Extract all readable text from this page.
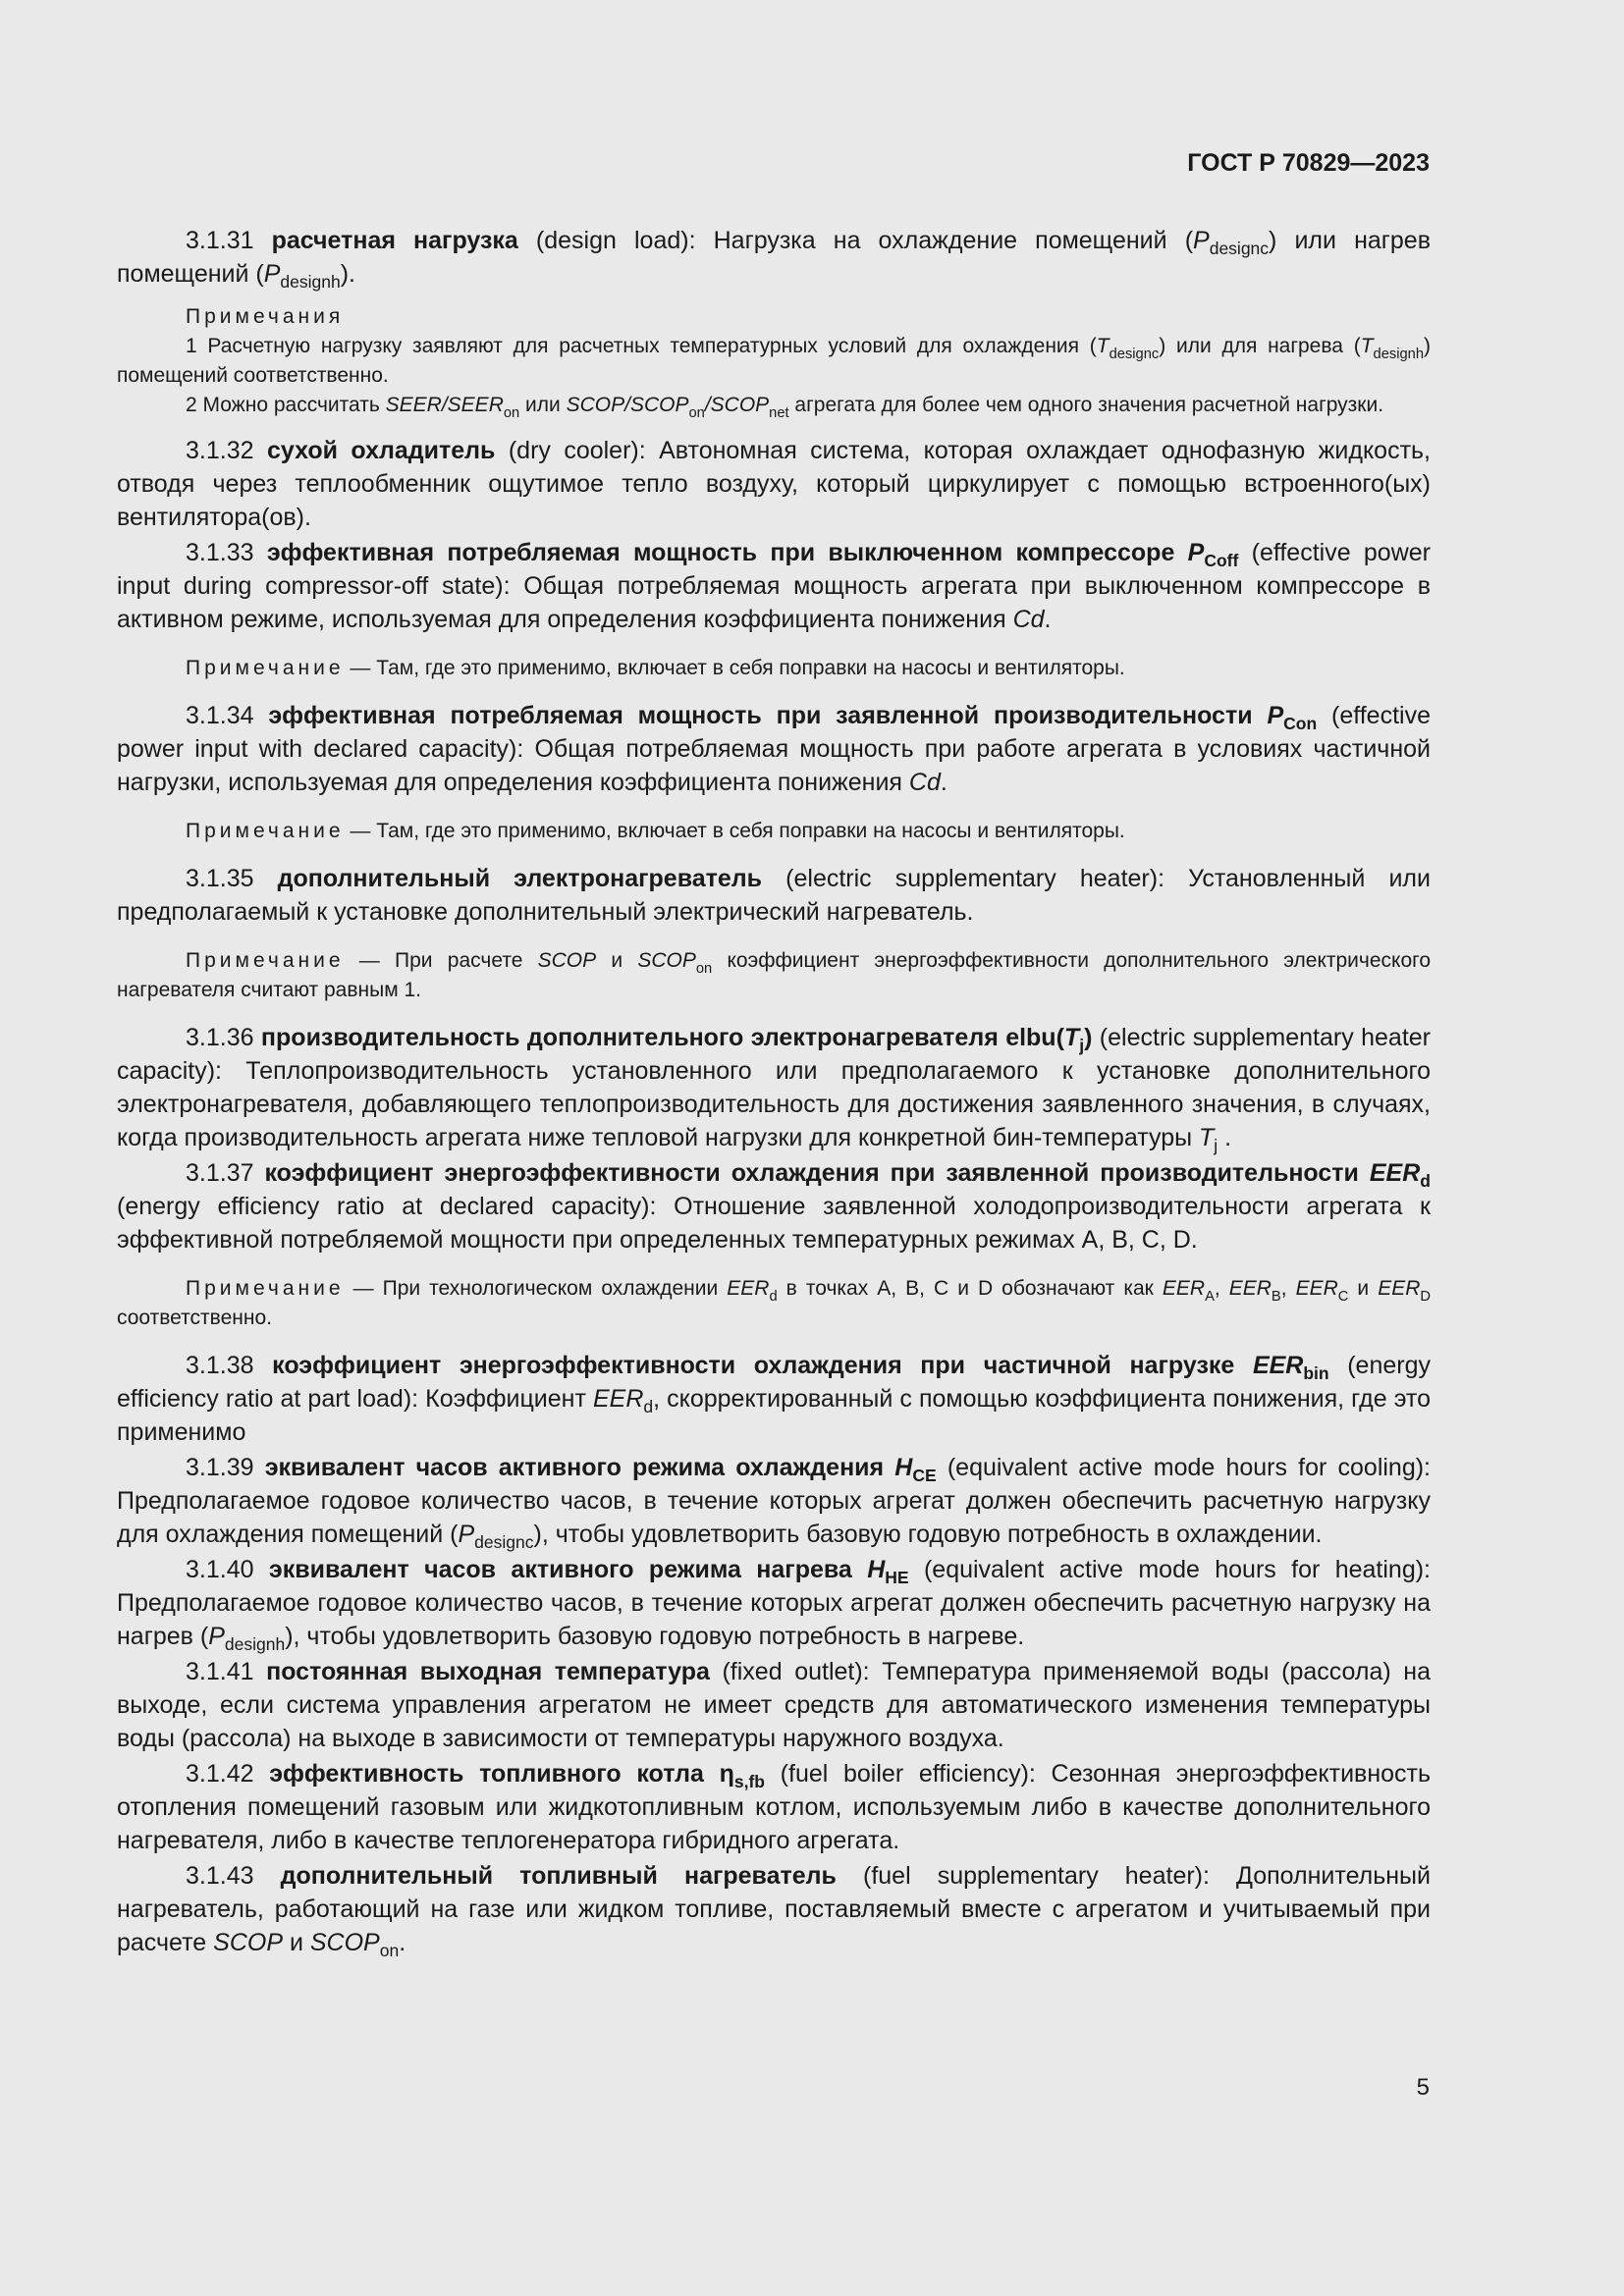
ГОСТ Р 70829—2023

3.1.31 расчетная нагрузка (design load): Нагрузка на охлаждение помещений $(P_{designc})$ или нагрев помещений $(P_{designh})$.

Примечания

1 Расчетную нагрузку заявляют для расчетных температурных условий для охлаждения $(T_{designc})$ или для нагрева $(T_{designh})$ помещений соответственно.

2 Можно рассчитать SEER/$SEER_{on}$ или SCOP/$SCOP_{on}/SCOP_{net}$ агрегата для более чем одного значения расчетной нагрузки.

3.1.32 сухой охладитель (dry cooler): Автономная система, которая охлаждает однофазную жидкость, отводя через теплообменник ощутимое тепло воздуху, который циркулирует с помощью встроенного(ых) вентилятора(ов).

3.1.33 эффективная потребляемая мощность при выключенном компрессоре $P_{Coff}$ (effective power input during compressor-off state): Общая потребляемая мощность агрегата при выключенном компрессоре в активном режиме, используемая для определения коэффициента понижения Cd.

Примечание — Там, где это применимо, включает в себя поправки на насосы и вентиляторы.

3.1.34 эффективная потребляемая мощность при заявленной производительности $P_{Con}$ (effective power input with declared capacity): Общая потребляемая мощность при работе агрегата в условиях частичной нагрузки, используемая для определения коэффициента понижения Cd.

Примечание — Там, где это применимо, включает в себя поправки на насосы и вентиляторы.

3.1.35 дополнительный электронагреватель (electric supplementary heater): Установленный или предполагаемый к установке дополнительный электрический нагреватель.

Примечание — При расчете SCOP и $SCOP_{on}$ коэффициент энергоэффективности дополнительного электрического нагревателя считают равным 1.

3.1.36 производительность дополнительного электронагревателя $elbu(T_j)$ (electric supplementary heater capacity): Теплопроизводительность установленного или предполагаемого к установке дополнительного электронагревателя, добавляющего теплопроизводительность для достижения заявленного значения, в случаях, когда производительность агрегата ниже тепловой нагрузки для конкретной бин-температуры $T_j$ .

3.1.37 коэффициент энергоэффективности охлаждения при заявленной производительности $EER_d$ (energy efficiency ratio at declared capacity): Отношение заявленной холодопроизводительности агрегата к эффективной потребляемой мощности при определенных температурных режимах А, В, С, D.

Примечание — При технологическом охлаждении $EER_d$ в точках А, В, С и D обозначают как $EER_A$, $EER_B$, $EER_C$ и $EER_D$ соответственно.

3.1.38 коэффициент энергоэффективности охлаждения при частичной нагрузке $EER_{bin}$ (energy efficiency ratio at part load): Коэффициент $EER_d$, скорректированный с помощью коэффициента понижения, где это применимо

3.1.39 эквивалент часов активного режима охлаждения $H_{CE}$ (equivalent active mode hours for cooling): Предполагаемое годовое количество часов, в течение которых агрегат должен обеспечить расчетную нагрузку для охлаждения помещений $(P_{designc})$, чтобы удовлетворить базовую годовую потребность в охлаждении.

3.1.40 эквивалент часов активного режима нагрева $H_{HE}$ (equivalent active mode hours for heating): Предполагаемое годовое количество часов, в течение которых агрегат должен обеспечить расчетную нагрузку на нагрев $(P_{designh})$, чтобы удовлетворить базовую годовую потребность в нагреве.

3.1.41 постоянная выходная температура (fixed outlet): Температура применяемой воды (рассола) на выходе, если система управления агрегатом не имеет средств для автоматического изменения температуры воды (рассола) на выходе в зависимости от температуры наружного воздуха.

3.1.42 эффективность топливного котла $\eta_{s,fb}$ (fuel boiler efficiency): Сезонная энергоэффективность отопления помещений газовым или жидкотопливным котлом, используемым либо в качестве дополнительного нагревателя, либо в качестве теплогенератора гибридного агрегата.

3.1.43 дополнительный топливный нагреватель (fuel supplementary heater): Дополнительный нагреватель, работающий на газе или жидком топливе, поставляемый вместе с агрегатом и учитываемый при расчете SCOP и $SCOP_{on}$.

5
